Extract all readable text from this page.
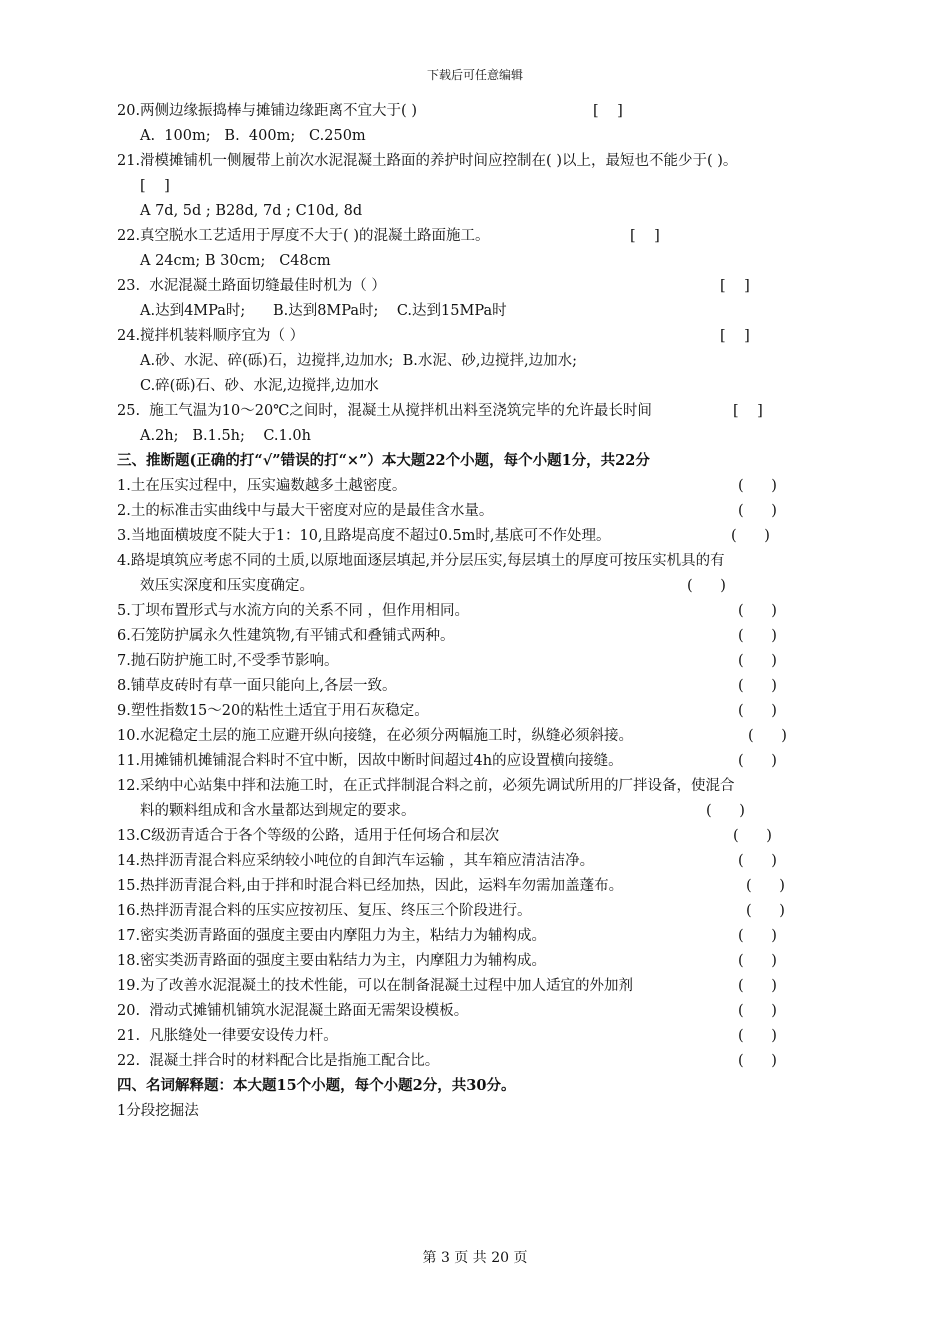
下载后可任意编辑
20.两侧边缘振捣棒与摊铺边缘距离不宜大于( )	[    ]
A.  100m;   B.  400m;   C.250m
21.滑模摊铺机一侧履带上前次水泥混凝土路面的养护时间应控制在( )以上，最短也不能少于( )。
[    ]
A 7d, 5d ; B28d, 7d ; C10d, 8d
22.真空脱水工艺适用于厚度不大于( )的混凝土路面施工。	[    ]
A 24cm; B 30cm;   C48cm
23.  水泥混凝土路面切缝最佳时机为（ ）	[    ]
A.达到4MPa时;      B.达到8MPa时;    C.达到15MPa时
24.搅拌机装料顺序宜为（ ）	[    ]
A.砂、水泥、碎(砾)石，边搅拌,边加水;  B.水泥、砂,边搅拌,边加水;
C.碎(砾)石、砂、水泥,边搅拌,边加水
25.  施工气温为10～20℃之间时，混凝土从搅拌机出料至浇筑完毕的允许最长时间	[    ]
A.2h;   B.1.5h;    C.1.0h
三、推断题(正确的打“√”错误的打“×”）本大题22个小题，每个小题1分，共22分
1.土在压实过程中，压实遍数越多土越密度。	(      )
2.土的标准击实曲线中与最大干密度对应的是最佳含水量。	(      )
3.当地面横坡度不陡大于1：10,且路堤高度不超过0.5m时,基底可不作处理。	(      )
4.路堤填筑应考虑不同的土质,以原地面逐层填起,并分层压实,每层填土的厚度可按压实机具的有
效压实深度和压实度确定。	(      )
5.丁坝布置形式与水流方向的关系不同 ，但作用相同。	(      )
6.石笼防护属永久性建筑物,有平铺式和叠铺式两种。	(      )
7.抛石防护施工时,不受季节影响。	(      )
8.铺草皮砖时有草一面只能向上,各层一致。	(      )
9.塑性指数15～20的粘性土适宜于用石灰稳定。	(      )
10.水泥稳定土层的施工应避开纵向接缝，在必须分两幅施工时，纵缝必须斜接。	(      )
11.用摊铺机摊铺混合料时不宜中断，因故中断时间超过4h的应设置横向接缝。	(      )
12.采纳中心站集中拌和法施工时，在正式拌制混合料之前，必须先调试所用的厂拌设备，使混合
料的颗料组成和含水量都达到规定的要求。	(      )
13.C级沥青适合于各个等级的公路，适用于任何场合和层次	(      )
14.热拌沥青混合料应采纳较小吨位的自卸汽车运输 ，其车箱应清洁洁净。	(      )
15.热拌沥青混合料,由于拌和时混合料已经加热，因此，运料车勿需加盖蓬布。	(      )
16.热拌沥青混合料的压实应按初压、复压、终压三个阶段进行。	(      )
17.密实类沥青路面的强度主要由内摩阻力为主，粘结力为辅构成。	(      )
18.密实类沥青路面的强度主要由粘结力为主，内摩阻力为辅构成。	(      )
19.为了改善水泥混凝土的技术性能，可以在制备混凝土过程中加人适宜的外加剂	(      )
20.  滑动式摊铺机铺筑水泥混凝土路面无需架设模板。	(      )
21.  凡胀缝处一律要安设传力杆。	(      )
22.  混凝土拌合时的材料配合比是指施工配合比。	(      )
四、名词解释题：本大题15个小题，每个小题2分，共30分。
1分段挖掘法
第 3 页 共 20 页
